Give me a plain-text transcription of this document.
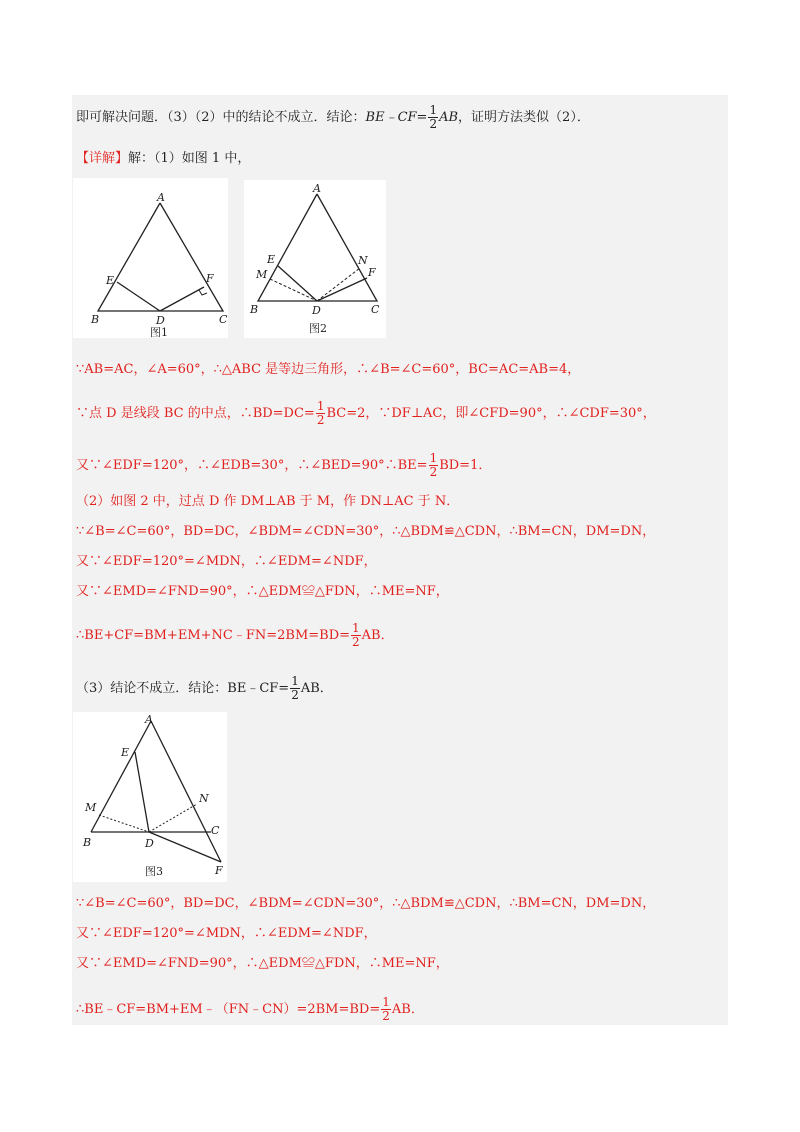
即可解决问题．（3）（2）中的结论不成立．结论：BE﹣CF= $\frac{1}{2}$ AB，证明方法类似（2）．
【详解】解：（1）如图 1 中，
A
E	F
B	D	C
图1
A
E
M
N
F
B	D	C
图2
∵AB=AC，∠A=60°，∴△ABC 是等边三角形，∴∠B=∠C=60°，BC=AC=AB=4，
∵点 D 是线段 BC 的中点，∴BD=DC= $\frac{1}{2} BC=2$，∵DF⊥AC，即∠CFD=90°，∴∠CDF=30°，
又∵∠EDF=120°，∴∠EDB=30°，∴∠BED=90°∴BE= $\frac{1}{2} BD=1$．
（2）如图 2 中，过点 D 作 DM⊥AB 于 M，作 DN⊥AC 于 N．
∵∠B=∠C=60°，BD=DC，∠BDM=∠CDN=30°，∴△BDM≌△CDN，∴BM=CN，DM=DN，
又∵∠EDF=120°=∠MDN，∴∠EDM=∠NDF，
又∵∠EMD=∠FND=90°，∴△EDM≌△FDN，∴ME=NF，
∴BE+CF=BM+EM+NC﹣FN=2BM=BD= $\frac{1}{2}$ AB．
（3）结论不成立．结论：BE﹣CF= $\frac{1}{2}$ AB．
A
E
M
N
C
B	D
F
图3
∵∠B=∠C=60°，BD=DC，∠BDM=∠CDN=30°，∴△BDM≌△CDN，∴BM=CN，DM=DN，
又∵∠EDF=120°=∠MDN，∴∠EDM=∠NDF，
又∵∠EMD=∠FND=90°，∴△EDM≌△FDN，∴ME=NF，
∴BE﹣CF=BM+EM﹣（FN﹣CN）=2BM=BD= $\frac{1}{2}$ AB．
